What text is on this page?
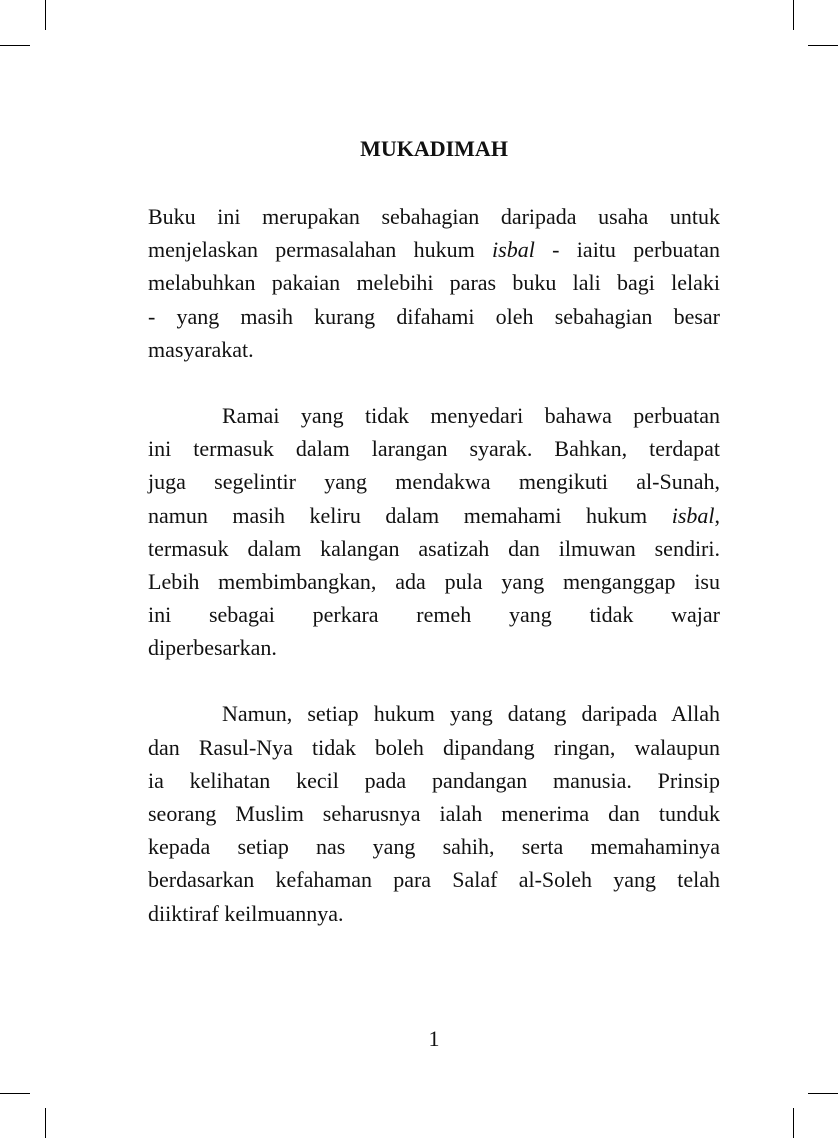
MUKADIMAH
Buku ini merupakan sebahagian daripada usaha untuk
menjelaskan permasalahan hukum isbal - iaitu perbuatan
melabuhkan pakaian melebihi paras buku lali bagi lelaki
- yang masih kurang difahami oleh sebahagian besar
masyarakat.
Ramai yang tidak menyedari bahawa perbuatan
ini termasuk dalam larangan syarak. Bahkan, terdapat
juga segelintir yang mendakwa mengikuti al-Sunah,
namun masih keliru dalam memahami hukum isbal,
termasuk dalam kalangan asatizah dan ilmuwan sendiri.
Lebih membimbangkan, ada pula yang menganggap isu
ini sebagai perkara remeh yang tidak wajar
diperbesarkan.
Namun, setiap hukum yang datang daripada Allah
dan Rasul-Nya tidak boleh dipandang ringan, walaupun
ia kelihatan kecil pada pandangan manusia. Prinsip
seorang Muslim seharusnya ialah menerima dan tunduk
kepada setiap nas yang sahih, serta memahaminya
berdasarkan kefahaman para Salaf al-Soleh yang telah
diiktiraf keilmuannya.
1
